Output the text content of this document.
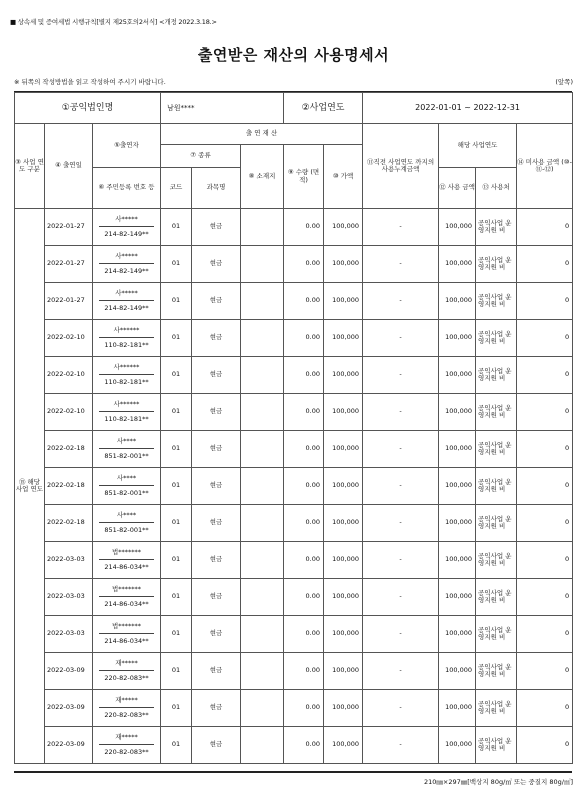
■ 상속세 및 증여세법 시행규칙[별지 제25호의2서식] <개정 2022.3.18.>
출연받은 재산의 사용명세서
※ 뒤쪽의 작성방법을 읽고 작성하여 주시기 바랍니다.	(앞쪽)
①공익법인명			남원****			②사업연도		2022-01-01 ~ 2022-12-31			
③ 사업 연도 구분	④ 출연일	⑤출연자	출 연 재 산					⑪직전 사업연도 까지의 사용누계금액	해당 사업연도		⑭ 미사용 금액 (⑩-⑪-⑫)
			⑦ 종류		⑧ 소재지	⑨ 수량 (면적)	⑩ 가액				
		⑥ 주민등록 번호 등	코드	과목명					⑫ 사용 금액	⑬ 사용처	
⑮ 해당 사업 연도	2022-01-27	사*****
214-82-149**	01	현금		0.00	100,000	-	100,000	공익사업 운영지원 비	0
	2022-01-27	사*****
214-82-149**	01	현금		0.00	100,000	-	100,000	공익사업 운영지원 비	0
	2022-01-27	사*****
214-82-149**	01	현금		0.00	100,000	-	100,000	공익사업 운영지원 비	0
	2022-02-10	사******
110-82-181**	01	현금		0.00	100,000	-	100,000	공익사업 운영지원 비	0
	2022-02-10	사******
110-82-181**	01	현금		0.00	100,000	-	100,000	공익사업 운영지원 비	0
	2022-02-10	사******
110-82-181**	01	현금		0.00	100,000	-	100,000	공익사업 운영지원 비	0
	2022-02-18	사****
851-82-001**	01	현금		0.00	100,000	-	100,000	공익사업 운영지원 비	0
	2022-02-18	사****
851-82-001**	01	현금		0.00	100,000	-	100,000	공익사업 운영지원 비	0
	2022-02-18	사****
851-82-001**	01	현금		0.00	100,000	-	100,000	공익사업 운영지원 비	0
	2022-03-03	법*******
214-86-034**	01	현금		0.00	100,000	-	100,000	공익사업 운영지원 비	0
	2022-03-03	법*******
214-86-034**	01	현금		0.00	100,000	-	100,000	공익사업 운영지원 비	0
	2022-03-03	법*******
214-86-034**	01	현금		0.00	100,000	-	100,000	공익사업 운영지원 비	0
	2022-03-09	재*****
220-82-083**	01	현금		0.00	100,000	-	100,000	공익사업 운영지원 비	0
	2022-03-09	재*****
220-82-083**	01	현금		0.00	100,000	-	100,000	공익사업 운영지원 비	0
	2022-03-09	재*****
220-82-083**	01	현금		0.00	100,000	-	100,000	공익사업 운영지원 비	0
210㎜×297㎜[백상지 80g/㎡ 또는 중질지 80g/㎡]
